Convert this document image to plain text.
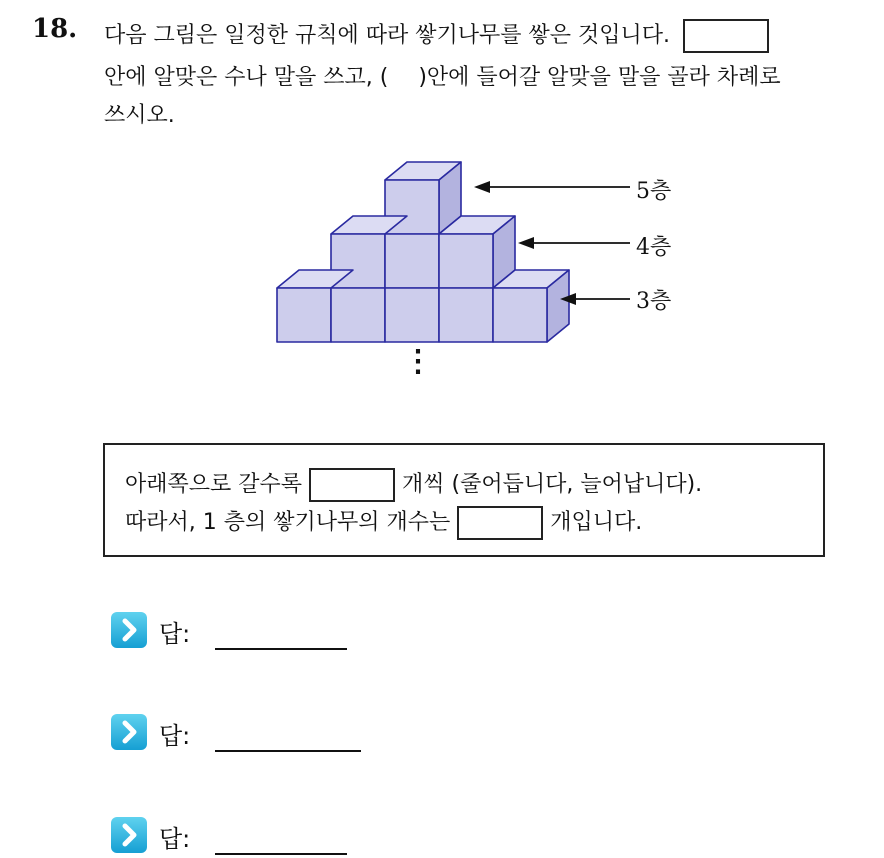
18. 다음 그림은 일정한 규칙에 따라 쌓기나무를 쌓은 것입니다.
안에 알맞은 수나 말을 쓰고, ( )안에 들어갈 알맞을 말을 골라 차례로
쓰시오.
5층
4층
3층
⋮
아래쪽으로 갈수록	개씩 (줄어듭니다, 늘어납니다).
따라서, 1 층의 쌓기나무의 개수는	개입니다.
답:
답:
답:
